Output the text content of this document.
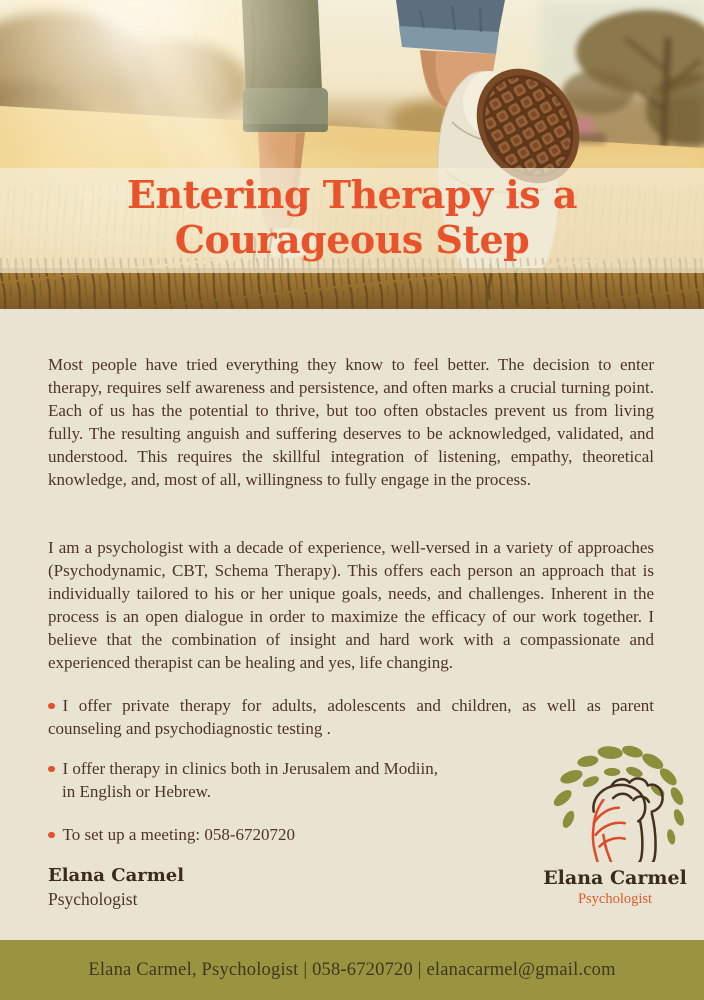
Entering Therapy is a
Courageous Step

Most people have tried everything they know to feel better. The decision to enter therapy, requires self awareness and persistence, and often marks a crucial turning point. Each of us has the potential to thrive, but too often obstacles prevent us from living fully. The resulting anguish and suffering deserves to be acknowledged, validated, and understood. This requires the skillful integration of listening, empathy, theoretical knowledge, and, most of all, willingness to fully engage in the process.

I am a psychologist with a decade of experience, well-versed in a variety of approaches (Psychodynamic, CBT, Schema Therapy). This offers each person an approach that is individually tailored to his or her unique goals, needs, and challenges. Inherent in the process is an open dialogue in order to maximize the efficacy of our work together. I believe that the combination of insight and hard work with a compassionate and experienced therapist can be healing and yes, life changing.

I offer private therapy for adults, adolescents and children, as well as parent counseling and psychodiagnostic testing .
I offer therapy in clinics both in Jerusalem and Modiin,
in English or Hebrew.
To set up a meeting: 058-6720720
Elana Carmel
Psychologist
Elana Carmel
Psychologist
Elana Carmel, Psychologist | 058-6720720 | elanacarmel@gmail.com
